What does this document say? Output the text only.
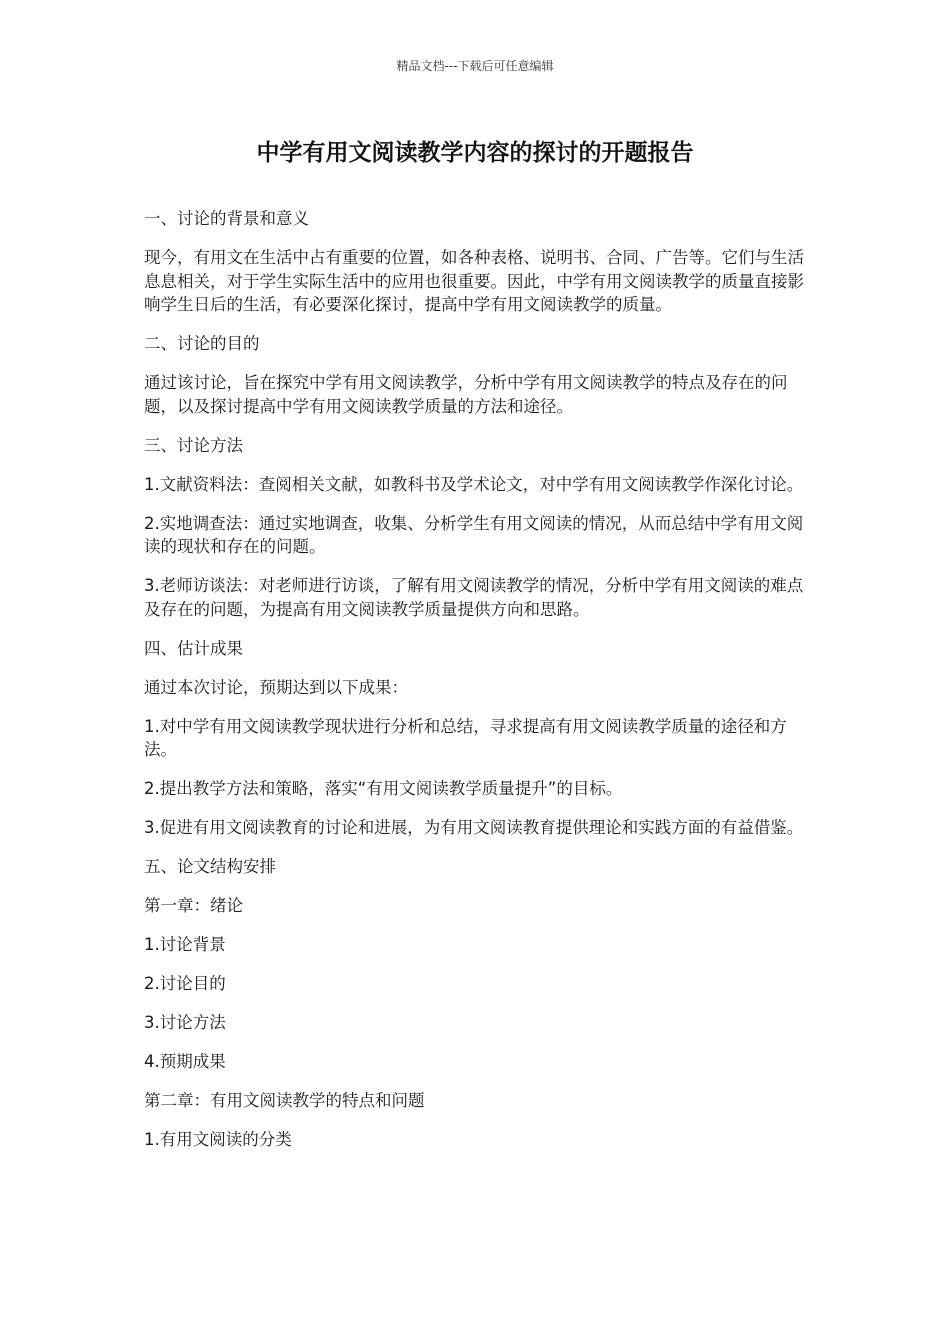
精品文档---下载后可任意编辑
中学有用文阅读教学内容的探讨的开题报告

一、讨论的背景和意义

现今，有用文在生活中占有重要的位置，如各种表格、说明书、合同、广告等。它们与生活息息相关，对于学生实际生活中的应用也很重要。因此，中学有用文阅读教学的质量直接影响学生日后的生活，有必要深化探讨，提高中学有用文阅读教学的质量。

二、讨论的目的

通过该讨论，旨在探究中学有用文阅读教学，分析中学有用文阅读教学的特点及存在的问题，以及探讨提高中学有用文阅读教学质量的方法和途径。

三、讨论方法

1.文献资料法：查阅相关文献，如教科书及学术论文，对中学有用文阅读教学作深化讨论。

2.实地调查法：通过实地调查，收集、分析学生有用文阅读的情况，从而总结中学有用文阅读的现状和存在的问题。

3.老师访谈法：对老师进行访谈，了解有用文阅读教学的情况，分析中学有用文阅读的难点及存在的问题，为提高有用文阅读教学质量提供方向和思路。

四、估计成果

通过本次讨论，预期达到以下成果：

1.对中学有用文阅读教学现状进行分析和总结，寻求提高有用文阅读教学质量的途径和方法。

2.提出教学方法和策略，落实“有用文阅读教学质量提升”的目标。

3.促进有用文阅读教育的讨论和进展，为有用文阅读教育提供理论和实践方面的有益借鉴。

五、论文结构安排

第一章：绪论

1.讨论背景

2.讨论目的

3.讨论方法

4.预期成果

第二章：有用文阅读教学的特点和问题

1.有用文阅读的分类
